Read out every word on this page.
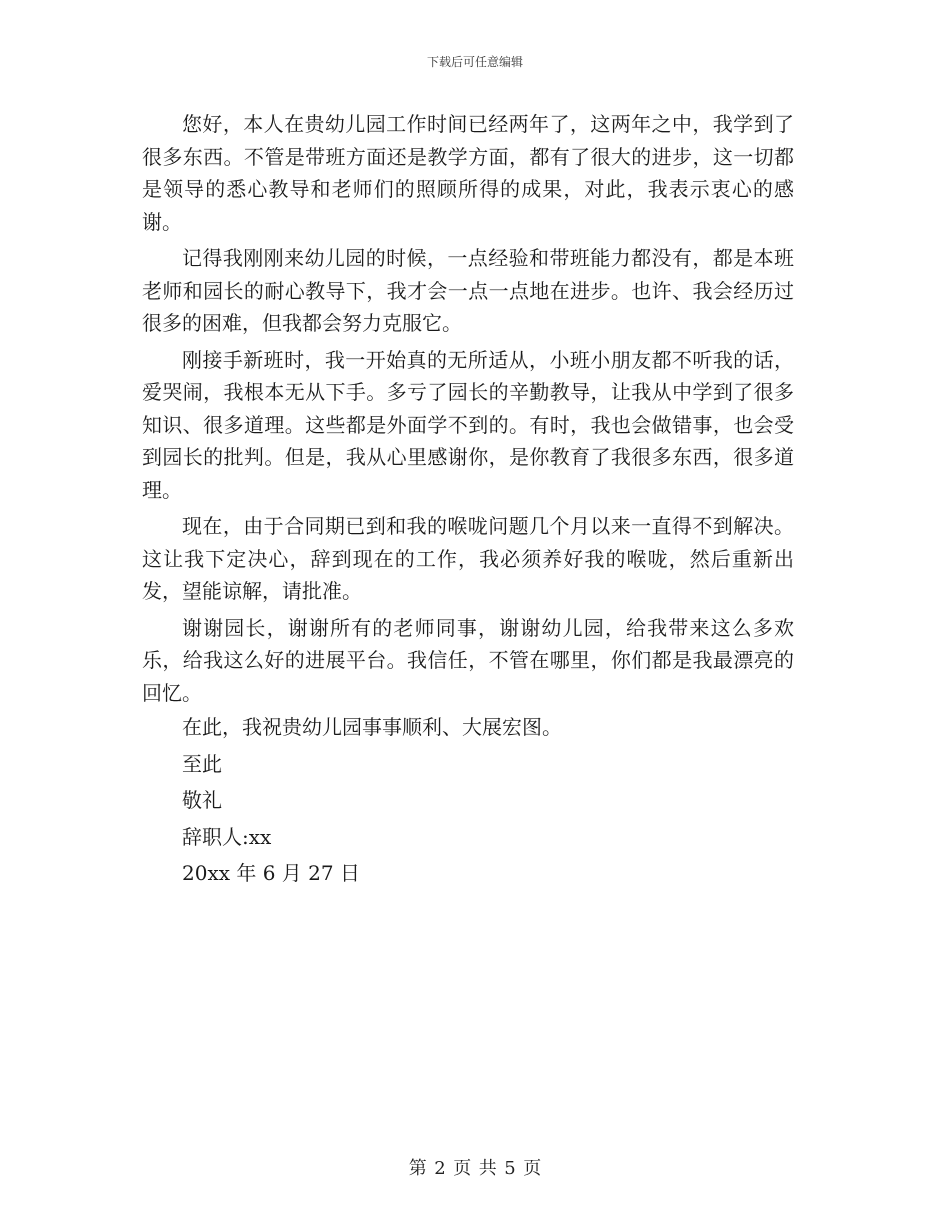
下载后可任意编辑

您好，本人在贵幼儿园工作时间已经两年了，这两年之中，我学到了很多东西。不管是带班方面还是教学方面，都有了很大的进步，这一切都是领导的悉心教导和老师们的照顾所得的成果，对此，我表示衷心的感谢。

记得我刚刚来幼儿园的时候，一点经验和带班能力都没有，都是本班老师和园长的耐心教导下，我才会一点一点地在进步。也许、我会经历过很多的困难，但我都会努力克服它。

刚接手新班时，我一开始真的无所适从，小班小朋友都不听我的话，爱哭闹，我根本无从下手。多亏了园长的辛勤教导，让我从中学到了很多知识、很多道理。这些都是外面学不到的。有时，我也会做错事，也会受到园长的批判。但是，我从心里感谢你，是你教育了我很多东西，很多道理。

现在，由于合同期已到和我的喉咙问题几个月以来一直得不到解决。这让我下定决心，辞到现在的工作，我必须养好我的喉咙，然后重新出发，望能谅解，请批准。

谢谢园长，谢谢所有的老师同事，谢谢幼儿园，给我带来这么多欢乐，给我这么好的进展平台。我信任，不管在哪里，你们都是我最漂亮的回忆。

在此，我祝贵幼儿园事事顺利、大展宏图。

至此

敬礼

辞职人:xx

20xx 年 6 月 27 日

第 2 页 共 5 页
